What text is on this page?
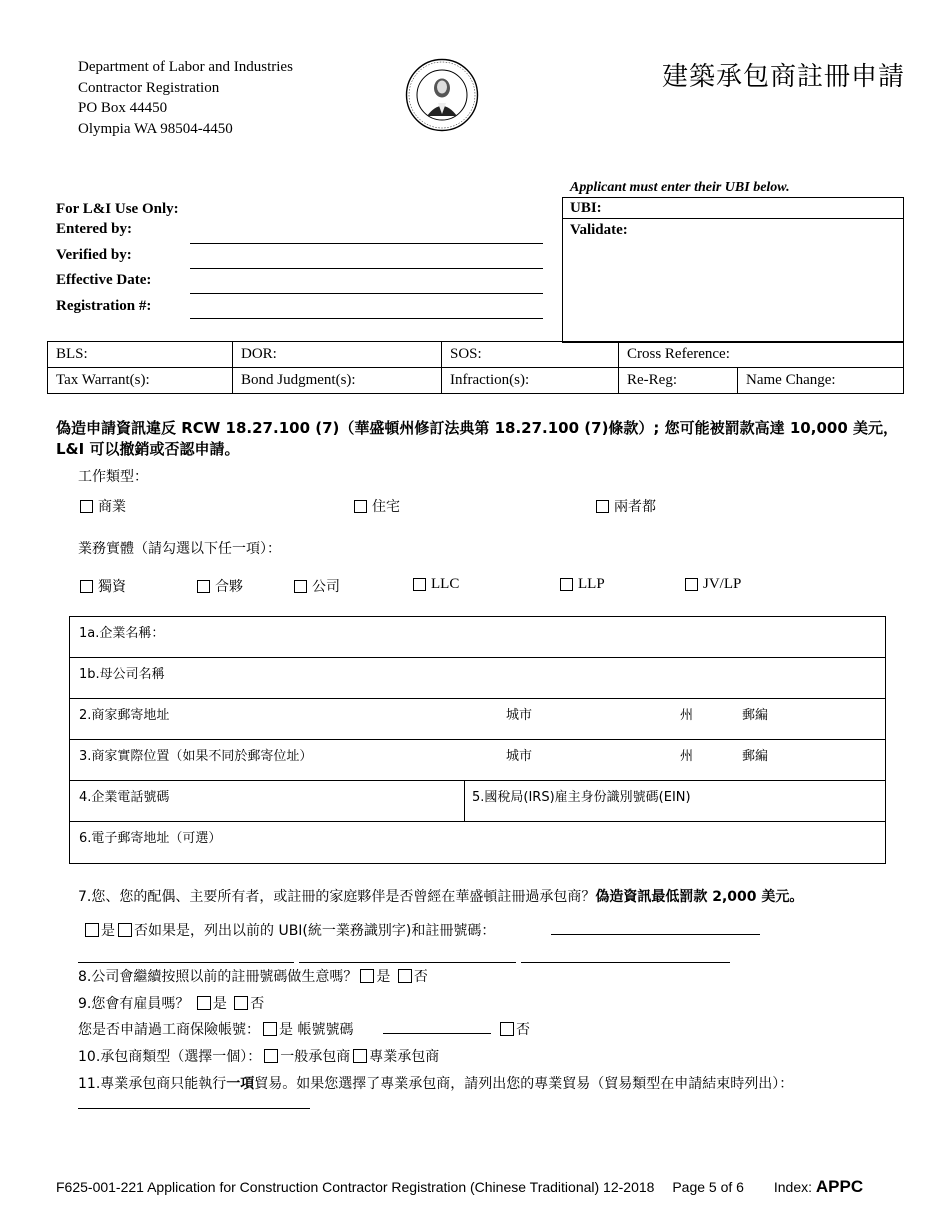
Department of Labor and Industries
Contractor Registration
PO Box 44450
Olympia WA 98504-4450
建築承包商註冊申請
For L&I Use Only:
Entered by:
Verified by:
Effective Date:
Registration #:
Applicant must enter their UBI below.
UBI:
Validate:
BLS:	DOR:	SOS:	Cross Reference:	
Tax Warrant(s):	Bond Judgment(s):	Infraction(s):	Re-Reg:	Name Change:
偽造申請資訊違反 RCW 18.27.100 (7)（華盛頓州修訂法典第 18.27.100 (7)條款）; 您可能被罰款高達 10,000 美元，L&I 可以撤銷或否認申請。
工作類型：
商業	住宅	兩者都
業務實體（請勾選以下任一項）：
獨資	合夥	公司	LLC	LLP	JV/LP
1a.企業名稱：
1b.母公司名稱
2.商家郵寄地址	城市	州	郵編
3.商家實際位置（如果不同於郵寄位址）	城市	州	郵編
4.企業電話號碼	5.國稅局(IRS)雇主身份識別號碼(EIN)
6.電子郵寄地址（可選）
7.您、您的配偶、主要所有者，或註冊的家庭夥伴是否曾經在華盛頓註冊過承包商？偽造資訊最低罰款 2,000 美元。
是 否如果是，列出以前的 UBI(統一業務識別字)和註冊號碼：
8.公司會繼續按照以前的註冊號碼做生意嗎？ 是 否
9.您會有雇員嗎？ 是 否
您是否申請過工商保險帳號： 是 帳號號碼	否
10.承包商類型（選擇一個）： 一般承包商 專業承包商
11.專業承包商只能執行一項貿易。如果您選擇了專業承包商，請列出您的專業貿易（貿易類型在申請結束時列出）：
F625-001-221 Application for Construction Contractor Registration (Chinese Traditional) 12-2018 Page 5 of 6 Index: APPC
